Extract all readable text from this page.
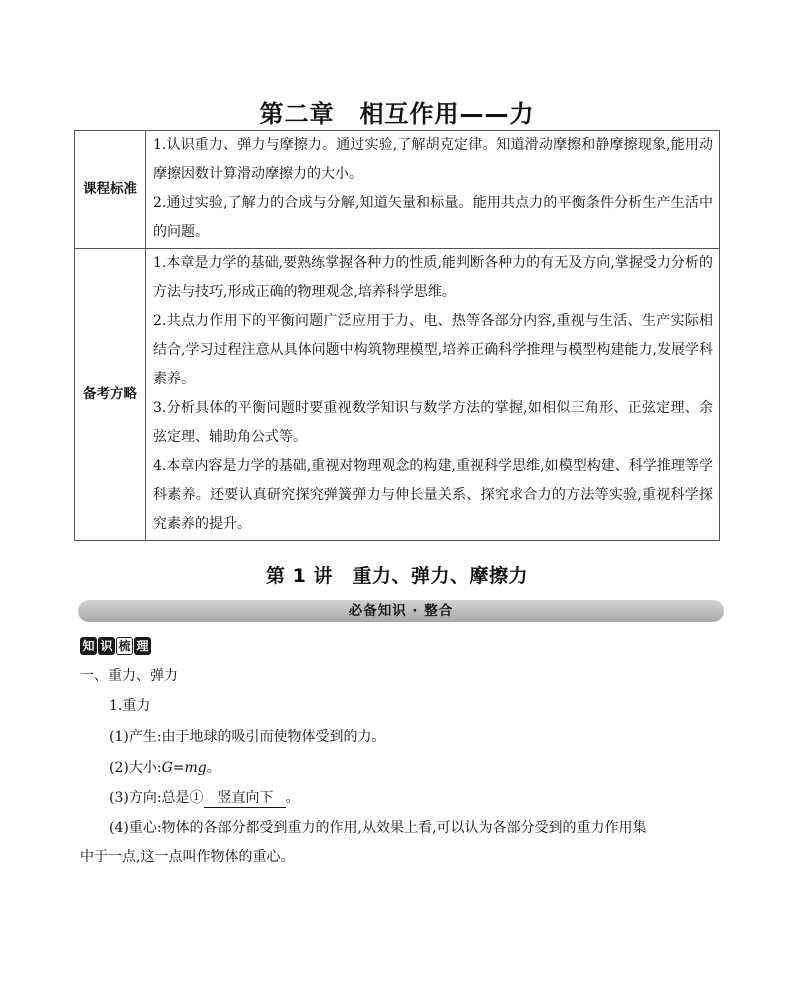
第二章　相互作用——力
课程标准	1.认识重力、弹力与摩擦力。通过实验,了解胡克定律。知道滑动摩擦和静摩擦现象,能用动摩擦因数计算滑动摩擦力的大小。

2.通过实验,了解力的合成与分解,知道矢量和标量。能用共点力的平衡条件分析生产生活中的问题。

备考方略	1.本章是力学的基础,要熟练掌握各种力的性质,能判断各种力的有无及方向,掌握受力分析的方法与技巧,形成正确的物理观念,培养科学思维。

2.共点力作用下的平衡问题广泛应用于力、电、热等各部分内容,重视与生活、生产实际相结合,学习过程注意从具体问题中构筑物理模型,培养正确科学推理与模型构建能力,发展学科素养。

3.分析具体的平衡问题时要重视数学知识与数学方法的掌握,如相似三角形、正弦定理、余弦定理、辅助角公式等。

4.本章内容是力学的基础,重视对物理观念的构建,重视科学思维,如模型构建、科学推理等学科素养。还要认真研究探究弹簧弹力与伸长量关系、探究求合力的方法等实验,重视科学探究素养的提升。

第 1 讲　重力、弹力、摩擦力
必备知识 · 整合
知 识 梳 理
一、重力、弹力
1.重力
(1)产生:由于地球的吸引而使物体受到的力。
(2)大小:G=mg。
(3)方向:总是① 竖直向下 。
(4)重心:物体的各部分都受到重力的作用,从效果上看,可以认为各部分受到的重力作用集
中于一点,这一点叫作物体的重心。
